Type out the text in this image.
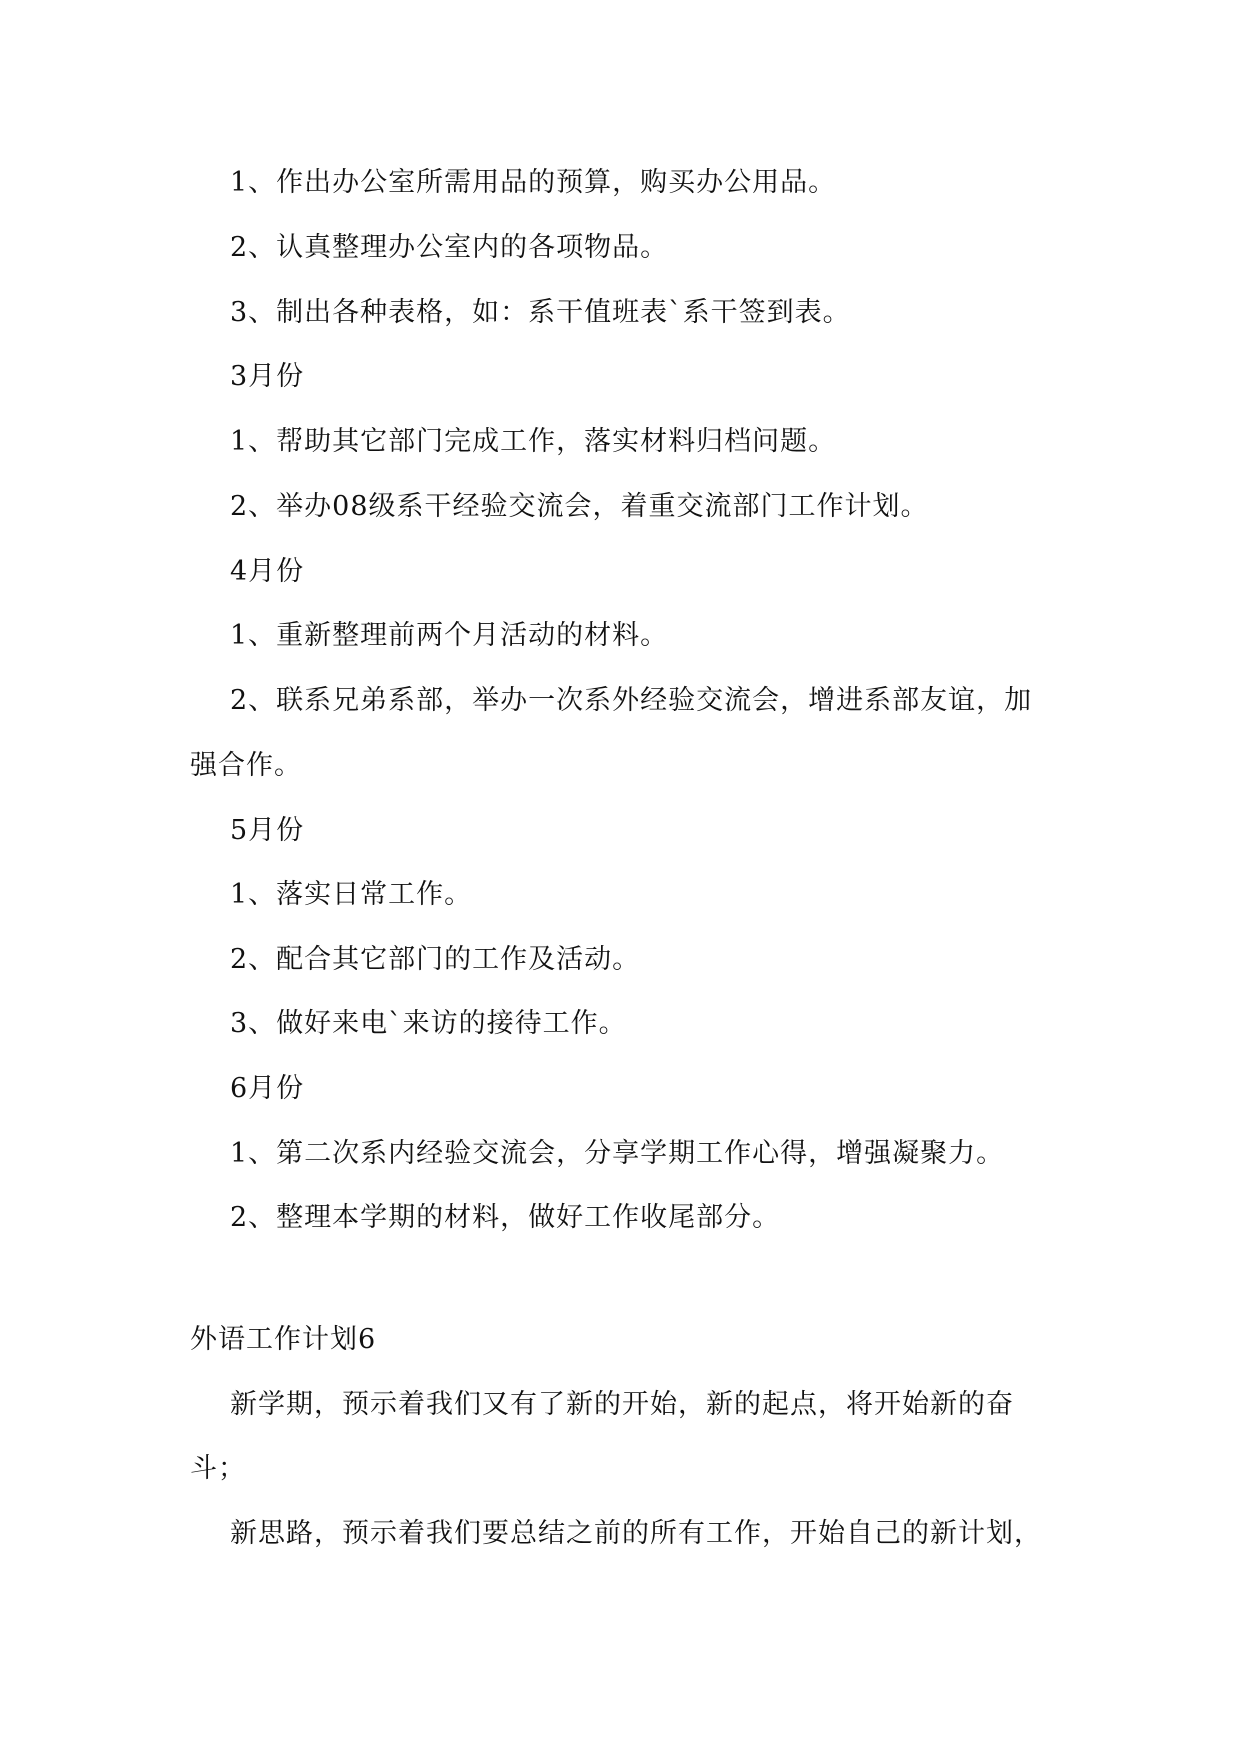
1、作出办公室所需用品的预算，购买办公用品。
2、认真整理办公室内的各项物品。
3、制出各种表格，如：系干值班表`系干签到表。
3月份
1、帮助其它部门完成工作，落实材料归档问题。
2、举办08级系干经验交流会，着重交流部门工作计划。
4月份
1、重新整理前两个月活动的材料。
2、联系兄弟系部，举办一次系外经验交流会，增进系部友谊，加
强合作。
5月份
1、落实日常工作。
2、配合其它部门的工作及活动。
3、做好来电`来访的接待工作。
6月份
1、第二次系内经验交流会，分享学期工作心得，增强凝聚力。
2、整理本学期的材料，做好工作收尾部分。
外语工作计划6
新学期，预示着我们又有了新的开始，新的起点，将开始新的奋
斗；
新思路，预示着我们要总结之前的所有工作，开始自己的新计划，
